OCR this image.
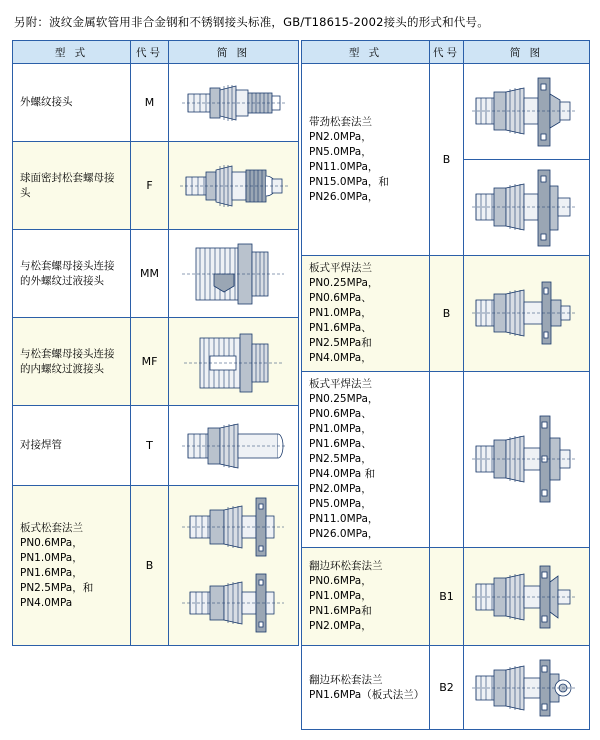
另附：波纹金属软管用非合金钢和不锈钢接头标准，GB/T18615-2002接头的形式和代号。
型 式	代号	简 图
外螺纹接头	M	

球面密封松套螺母接头	F	

与松套螺母接头连接的外螺纹过液接头	MM	

与松套螺母接头连接的内螺纹过渡接头	MF	

对接焊管	T	

板式松套法兰 PN0.6MPa，PN1.0MPa，PN1.6MPa，PN2.5MPa，和PN4.0MPa	B	
型 式	代号	简 图
带劲松套法兰 PN2.0MPa，PN5.0MPa，PN11.0MPa，PN15.0MPa，和PN26.0MPa，	B	

板式平焊法兰 PN0.25MPa，PN0.6MPa、PN1.0MPa，PN1.6MPa、PN2.5MPa和PN4.0MPa，	B	

板式平焊法兰 PN0.25MPa，PN0.6MPa、PN1.0MPa，PN1.6MPa、PN2.5MPa，PN4.0MPa 和PN2.0MPa，PN5.0MPa，PN11.0MPa，PN26.0MPa，		

翻边环松套法兰 PN0.6MPa，PN1.0MPa，PN1.6MPa和PN2.0MPa，	B1	

翻边环松套法兰 PN1.6MPa（板式法兰）	B2	
